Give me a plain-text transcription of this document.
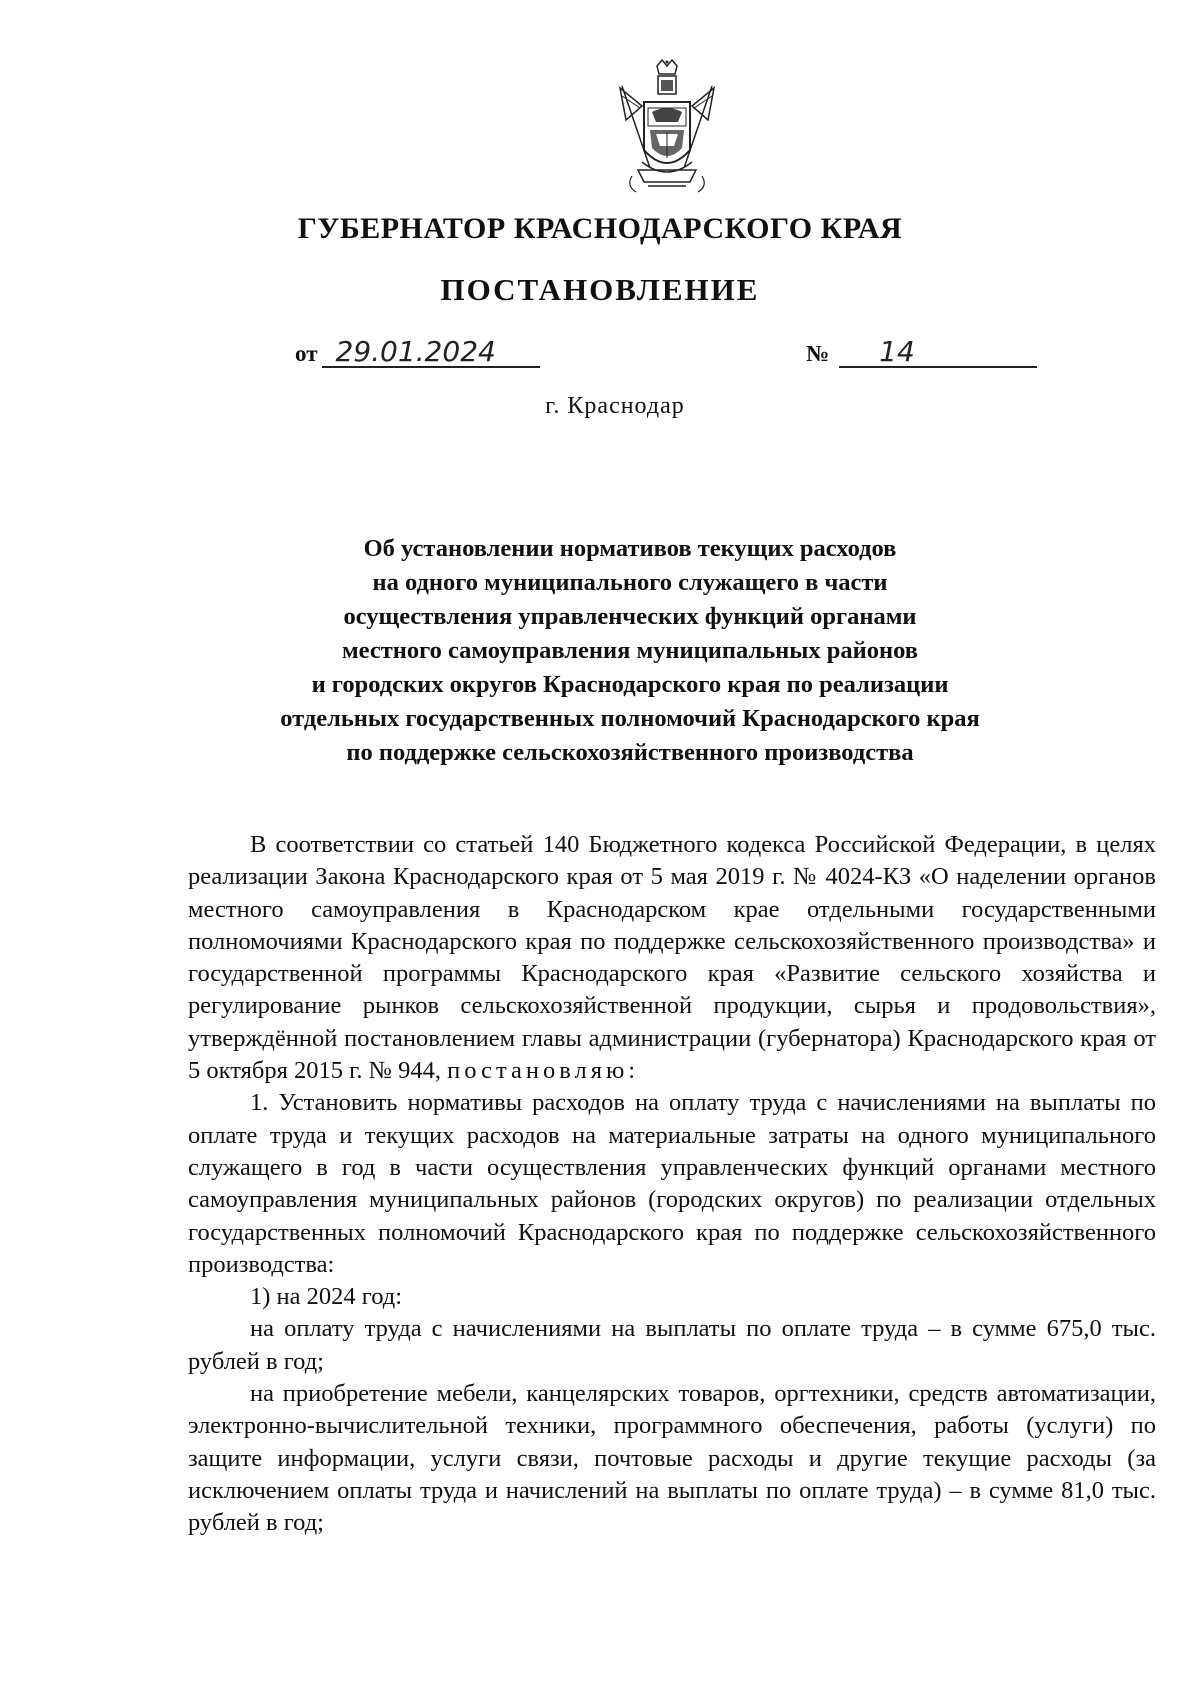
ГУБЕРНАТОР КРАСНОДАРСКОГО КРАЯ
ПОСТАНОВЛЕНИЕ
от 29.01.2024	№ 14
г. Краснодар
Об установлении нормативов текущих расходов
на одного муниципального служащего в части
осуществления управленческих функций органами
местного самоуправления муниципальных районов
и городских округов Краснодарского края по реализации
отдельных государственных полномочий Краснодарского края
по поддержке сельскохозяйственного производства

В соответствии со статьей 140 Бюджетного кодекса Российской Федерации, в целях реализации Закона Краснодарского края от 5 мая 2019 г. № 4024-КЗ «О наделении органов местного самоуправления в Краснодарском крае отдельными государственными полномочиями Краснодарского края по поддержке сельскохозяйственного производства» и государственной программы Краснодарского края «Развитие сельского хозяйства и регулирование рынков сельскохозяйственной продукции, сырья и продовольствия», утверждённой постановлением главы администрации (губернатора) Краснодарского края от 5 октября 2015 г. № 944, постановляю:

1. Установить нормативы расходов на оплату труда с начислениями на выплаты по оплате труда и текущих расходов на материальные затраты на одного муниципального служащего в год в части осуществления управленческих функций органами местного самоуправления муниципальных районов (городских округов) по реализации отдельных государственных полномочий Краснодарского края по поддержке сельскохозяйственного производства:

1) на 2024 год:

на оплату труда с начислениями на выплаты по оплате труда – в сумме 675,0 тыс. рублей в год;

на приобретение мебели, канцелярских товаров, оргтехники, средств автоматизации, электронно-вычислительной техники, программного обеспечения, работы (услуги) по защите информации, услуги связи, почтовые расходы и другие текущие расходы (за исключением оплаты труда и начислений на выплаты по оплате труда) – в сумме 81,0 тыс. рублей в год;
